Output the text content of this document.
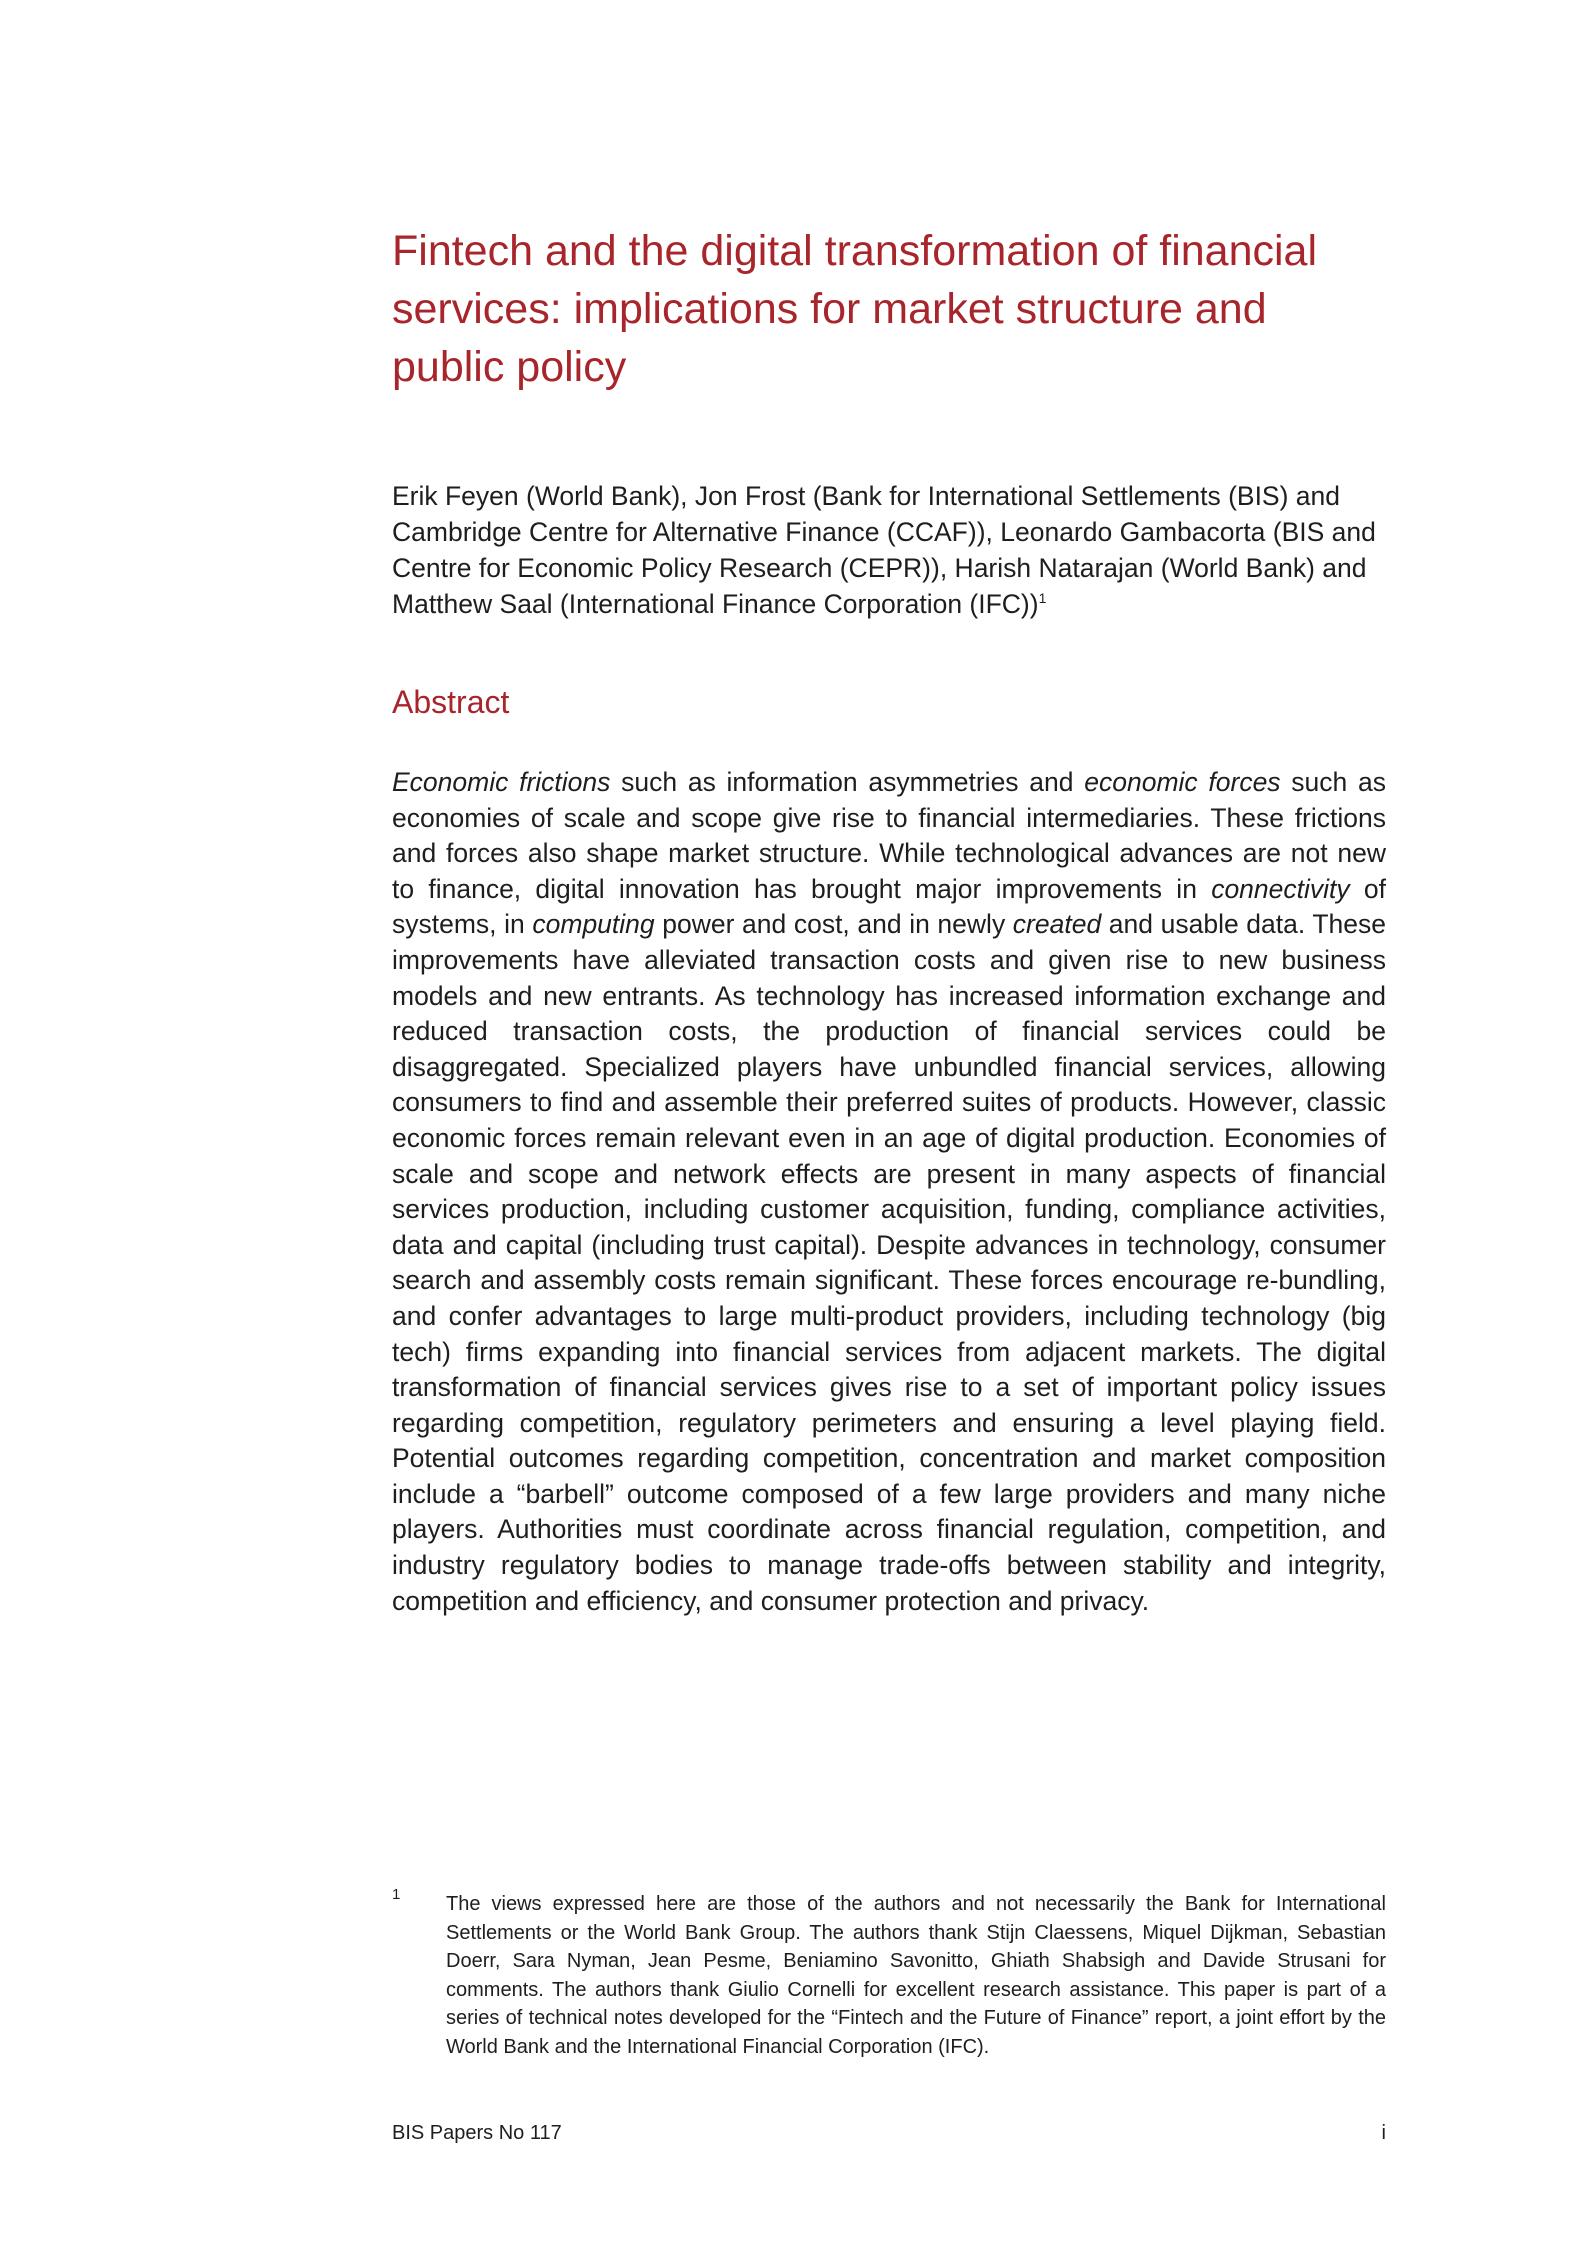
Fintech and the digital transformation of financial services: implications for market structure and public policy

Erik Feyen (World Bank), Jon Frost (Bank for International Settlements (BIS) and Cambridge Centre for Alternative Finance (CCAF)), Leonardo Gambacorta (BIS and Centre for Economic Policy Research (CEPR)), Harish Natarajan (World Bank) and Matthew Saal (International Finance Corporation (IFC))$^1$

Abstract

Economic frictions such as information asymmetries and economic forces such as economies of scale and scope give rise to financial intermediaries. These frictions and forces also shape market structure. While technological advances are not new to finance, digital innovation has brought major improvements in connectivity of systems, in computing power and cost, and in newly created and usable data. These improvements have alleviated transaction costs and given rise to new business models and new entrants. As technology has increased information exchange and reduced transaction costs, the production of financial services could be disaggregated. Specialized players have unbundled financial services, allowing consumers to find and assemble their preferred suites of products. However, classic economic forces remain relevant even in an age of digital production. Economies of scale and scope and network effects are present in many aspects of financial services production, including customer acquisition, funding, compliance activities, data and capital (including trust capital). Despite advances in technology, consumer search and assembly costs remain significant. These forces encourage re-bundling, and confer advantages to large multi-product providers, including technology (big tech) firms expanding into financial services from adjacent markets. The digital transformation of financial services gives rise to a set of important policy issues regarding competition, regulatory perimeters and ensuring a level playing field. Potential outcomes regarding competition, concentration and market composition include a “barbell” outcome composed of a few large providers and many niche players. Authorities must coordinate across financial regulation, competition, and industry regulatory bodies to manage trade-offs between stability and integrity, competition and efficiency, and consumer protection and privacy.

1 The views expressed here are those of the authors and not necessarily the Bank for International Settlements or the World Bank Group. The authors thank Stijn Claessens, Miquel Dijkman, Sebastian Doerr, Sara Nyman, Jean Pesme, Beniamino Savonitto, Ghiath Shabsigh and Davide Strusani for comments. The authors thank Giulio Cornelli for excellent research assistance. This paper is part of a series of technical notes developed for the “Fintech and the Future of Finance” report, a joint effort by the World Bank and the International Financial Corporation (IFC).

BIS Papers No 117	i
